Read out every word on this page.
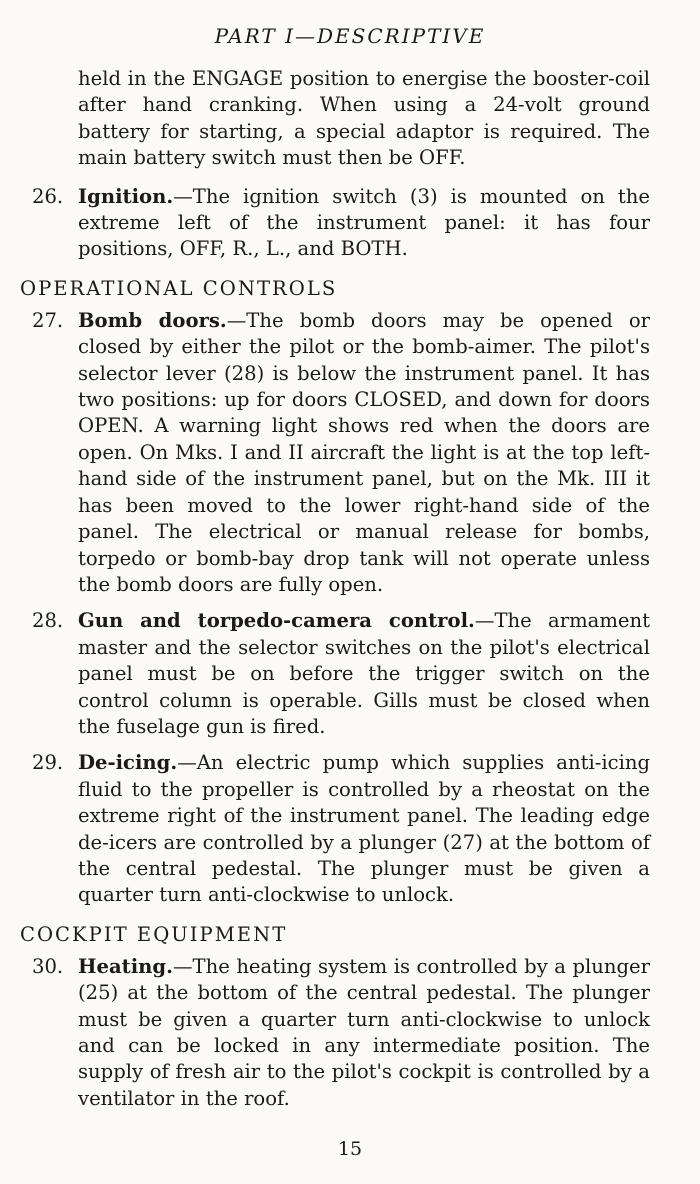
PART I—DESCRIPTIVE

held in the ENGAGE position to energise the booster-coil after hand cranking. When using a 24-volt ground battery for starting, a special adaptor is required. The main battery switch must then be OFF.

26. Ignition.—The ignition switch (3) is mounted on the extreme left of the instrument panel: it has four positions, OFF, R., L., and BOTH.

OPERATIONAL CONTROLS

27. Bomb doors.—The bomb doors may be opened or closed by either the pilot or the bomb-aimer. The pilot's selector lever (28) is below the instrument panel. It has two positions: up for doors CLOSED, and down for doors OPEN. A warning light shows red when the doors are open. On Mks. I and II aircraft the light is at the top left-hand side of the instrument panel, but on the Mk. III it has been moved to the lower right-hand side of the panel. The electrical or manual release for bombs, torpedo or bomb-bay drop tank will not operate unless the bomb doors are fully open.

28. Gun and torpedo-camera control.—The armament master and the selector switches on the pilot's electrical panel must be on before the trigger switch on the control column is operable. Gills must be closed when the fuselage gun is fired.

29. De-icing.—An electric pump which supplies anti-icing fluid to the propeller is controlled by a rheostat on the extreme right of the instrument panel. The leading edge de-icers are controlled by a plunger (27) at the bottom of the central pedestal. The plunger must be given a quarter turn anti-clockwise to unlock.

COCKPIT EQUIPMENT

30. Heating.—The heating system is controlled by a plunger (25) at the bottom of the central pedestal. The plunger must be given a quarter turn anti-clockwise to unlock and can be locked in any intermediate position. The supply of fresh air to the pilot's cockpit is controlled by a ventilator in the roof.

15
